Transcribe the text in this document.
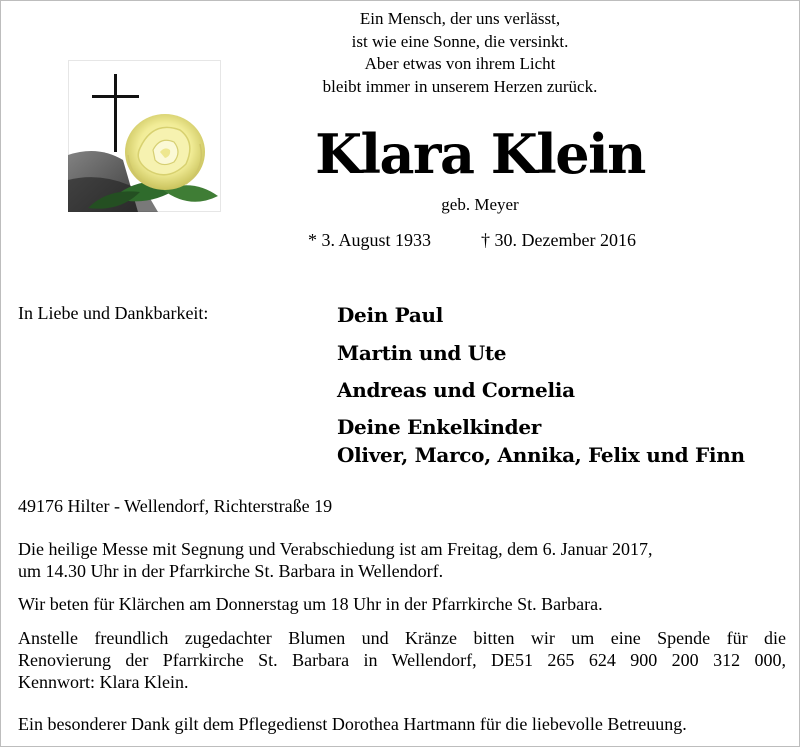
Ein Mensch, der uns verlässt,
ist wie eine Sonne, die versinkt.
Aber etwas von ihrem Licht
bleibt immer in unserem Herzen zurück.
Klara Klein
geb. Meyer
* 3. August 1933	† 30. Dezember 2016
In Liebe und Dankbarkeit:	Dein Paul
Martin und Ute
Andreas und Cornelia
Deine Enkelkinder
Oliver, Marco, Annika, Felix und Finn
49176 Hilter - Wellendorf, Richterstraße 19
Die heilige Messe mit Segnung und Verabschiedung ist am Freitag, dem 6. Januar 2017,
um 14.30 Uhr in der Pfarrkirche St. Barbara in Wellendorf.
Wir beten für Klärchen am Donnerstag um 18 Uhr in der Pfarrkirche St. Barbara.
Anstelle freundlich zugedachter Blumen und Kränze bitten wir um eine Spende für die
Renovierung der Pfarrkirche St. Barbara in Wellendorf, DE51 265 624 900 200 312 000,
Kennwort: Klara Klein.
Ein besonderer Dank gilt dem Pflegedienst Dorothea Hartmann für die liebevolle Betreuung.
